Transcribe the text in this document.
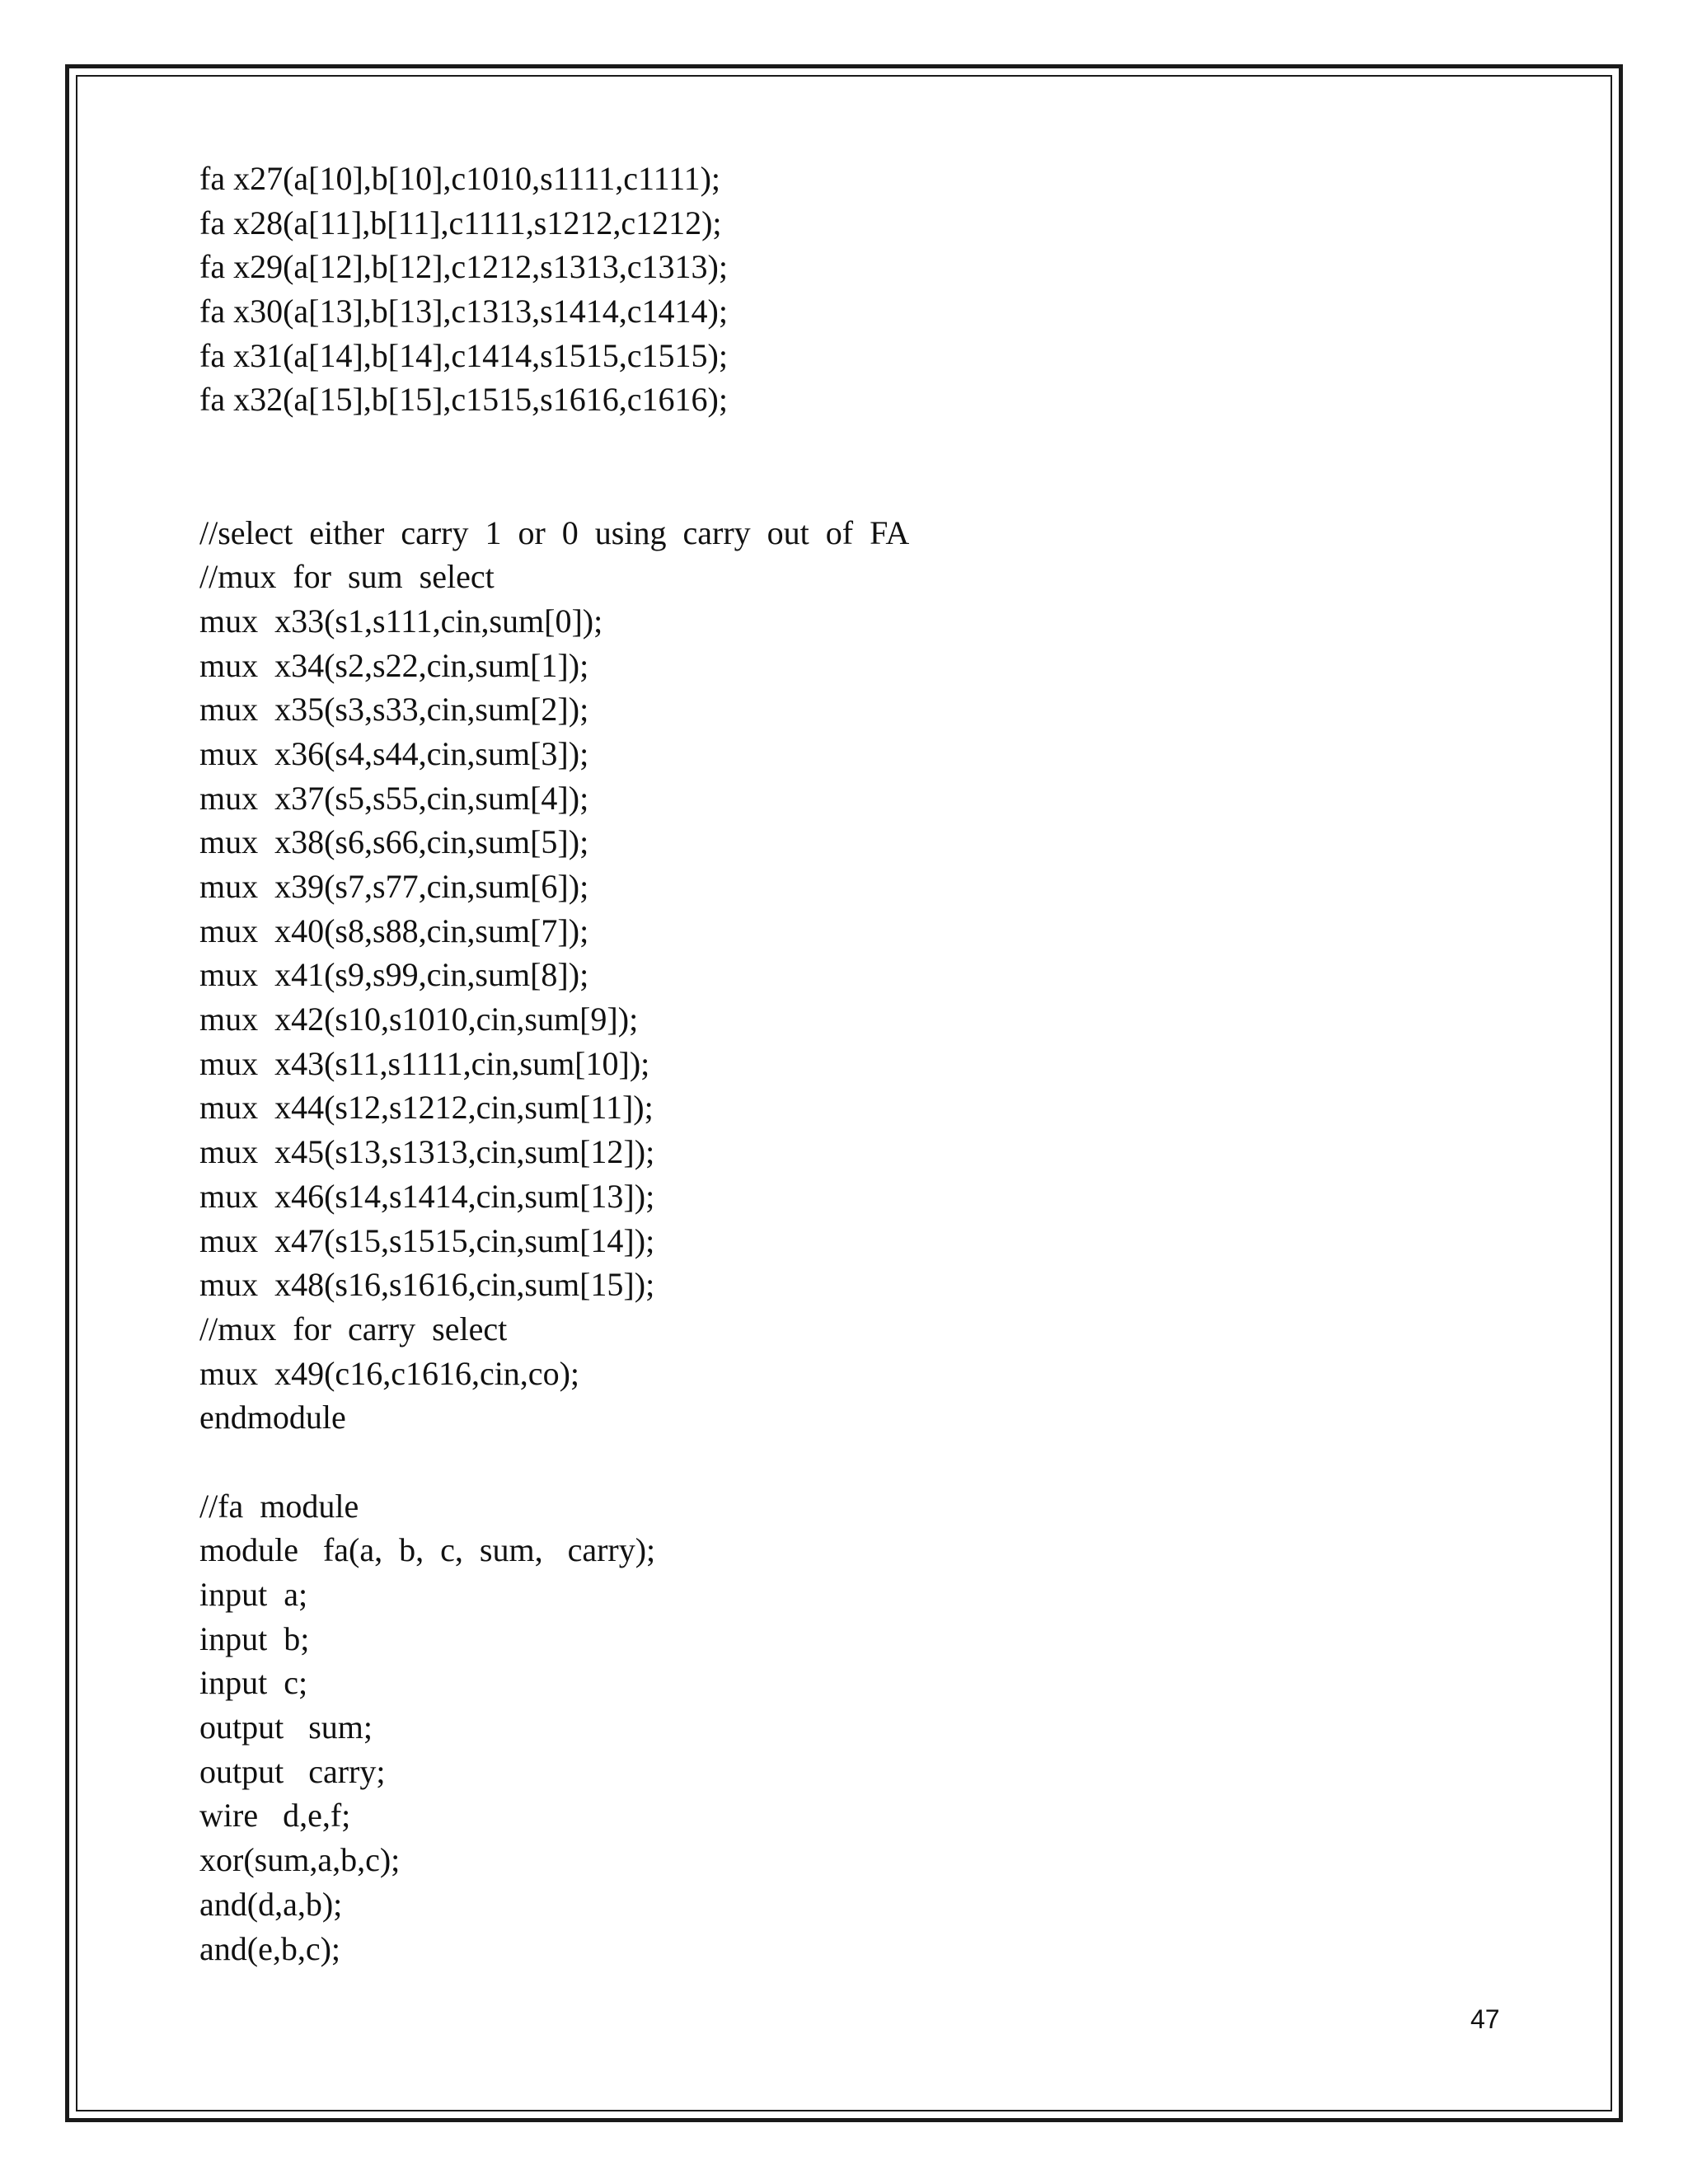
fa x27(a[10],b[10],c1010,s1111,c1111);
fa x28(a[11],b[11],c1111,s1212,c1212);
fa x29(a[12],b[12],c1212,s1313,c1313);
fa x30(a[13],b[13],c1313,s1414,c1414);
fa x31(a[14],b[14],c1414,s1515,c1515);
fa x32(a[15],b[15],c1515,s1616,c1616);
//select  either  carry  1  or  0  using  carry  out  of  FA
//mux  for  sum  select
mux  x33(s1,s111,cin,sum[0]);
mux  x34(s2,s22,cin,sum[1]);
mux  x35(s3,s33,cin,sum[2]);
mux  x36(s4,s44,cin,sum[3]);
mux  x37(s5,s55,cin,sum[4]);
mux  x38(s6,s66,cin,sum[5]);
mux  x39(s7,s77,cin,sum[6]);
mux  x40(s8,s88,cin,sum[7]);
mux  x41(s9,s99,cin,sum[8]);
mux  x42(s10,s1010,cin,sum[9]);
mux  x43(s11,s1111,cin,sum[10]);
mux  x44(s12,s1212,cin,sum[11]);
mux  x45(s13,s1313,cin,sum[12]);
mux  x46(s14,s1414,cin,sum[13]);
mux  x47(s15,s1515,cin,sum[14]);
mux  x48(s16,s1616,cin,sum[15]);
//mux  for  carry  select
mux  x49(c16,c1616,cin,co);
endmodule
//fa  module
module   fa(a,  b,  c,  sum,   carry);
input  a;
input  b;
input  c;
output   sum;
output   carry;
wire   d,e,f;
xor(sum,a,b,c);
and(d,a,b);
and(e,b,c);
47
